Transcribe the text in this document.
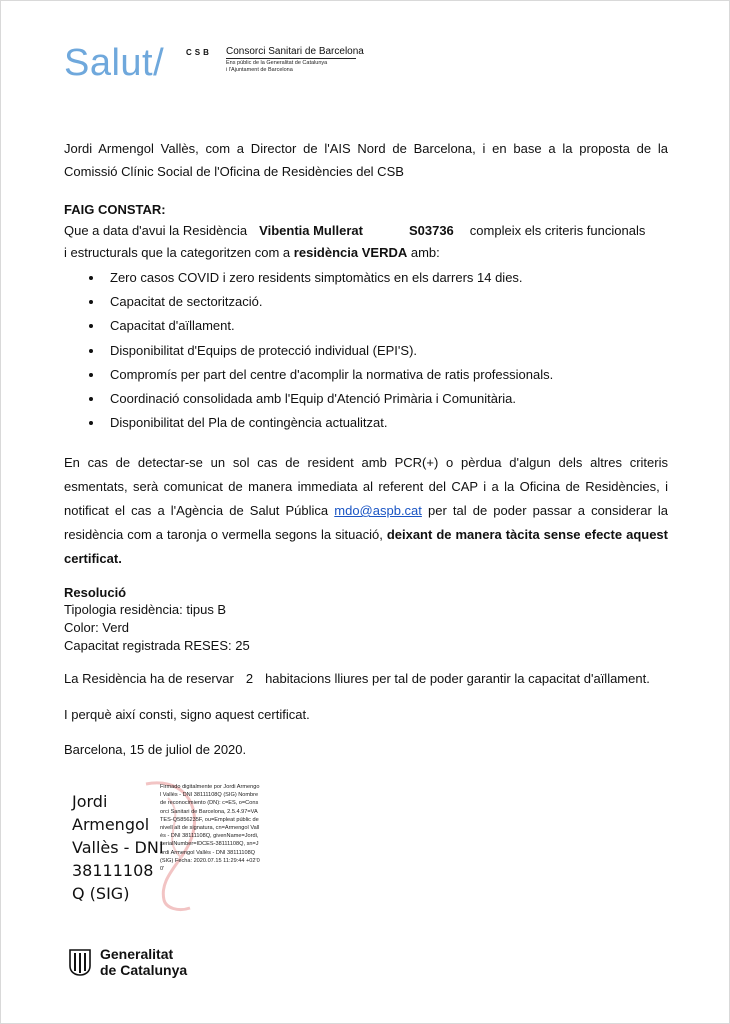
Salut/	CSB	Consorci Sanitari de Barcelona
Ens públic de la Generalitat de Catalunya
i l'Ajuntament de Barcelona
Jordi Armengol Vallès, com a Director de l'AIS Nord de Barcelona, i en base a la proposta de la Comissió Clínic Social de l'Oficina de Residències del CSB
FAIG CONSTAR:
Que a data d'avui la Residència Vibentia Mullerat	S03736 compleix els criteris funcionals
i estructurals que la categoritzen com a residència VERDA amb:
Zero casos COVID i zero residents simptomàtics en els darrers 14 dies.
Capacitat de sectorització.
Capacitat d'aïllament.
Disponibilitat d'Equips de protecció individual (EPI'S).
Compromís per part del centre d'acomplir la normativa de ratis professionals.
Coordinació consolidada amb l'Equip d'Atenció Primària i Comunitària.
Disponibilitat del Pla de contingència actualitzat.
En cas de detectar-se un sol cas de resident amb PCR(+) o pèrdua d'algun dels altres criteris esmentats, serà comunicat de manera immediata al referent del CAP i a la Oficina de Residències, i notificat el cas a l'Agència de Salut Pública mdo@aspb.cat per tal de poder passar a considerar la residència com a taronja o vermella segons la situació, deixant de manera tàcita sense efecte aquest certificat.
Resolució
Tipologia residència: tipus B
Color: Verd
Capacitat registrada RESES: 25
La Residència ha de reservar 2 habitacions lliures per tal de poder garantir la capacitat d'aïllament.
I perquè així consti, signo aquest certificat.
Barcelona, 15 de juliol de 2020.
Jordi
Armengol
Vallès - DNI
38111108
Q (SIG)
Firmado digitalmente por Jordi Armengol Vallès - DNI 38111108Q (SIG) Nombre de reconocimiento (DN): c=ES, o=Consorci Sanitari de Barcelona, 2.5.4.97=VATES-Q5856235F, ou=Empleat públic de nivell alt de signatura, cn=Armengol Vallès - DNI 38111108Q, givenName=Jordi, serialNumber=IDCES-38111108Q, sn=Jordi Armengol Vallès - DNI 38111108Q (SIG) Fecha: 2020.07.15 11:29:44 +02'00'
Generalitat
de Catalunya
